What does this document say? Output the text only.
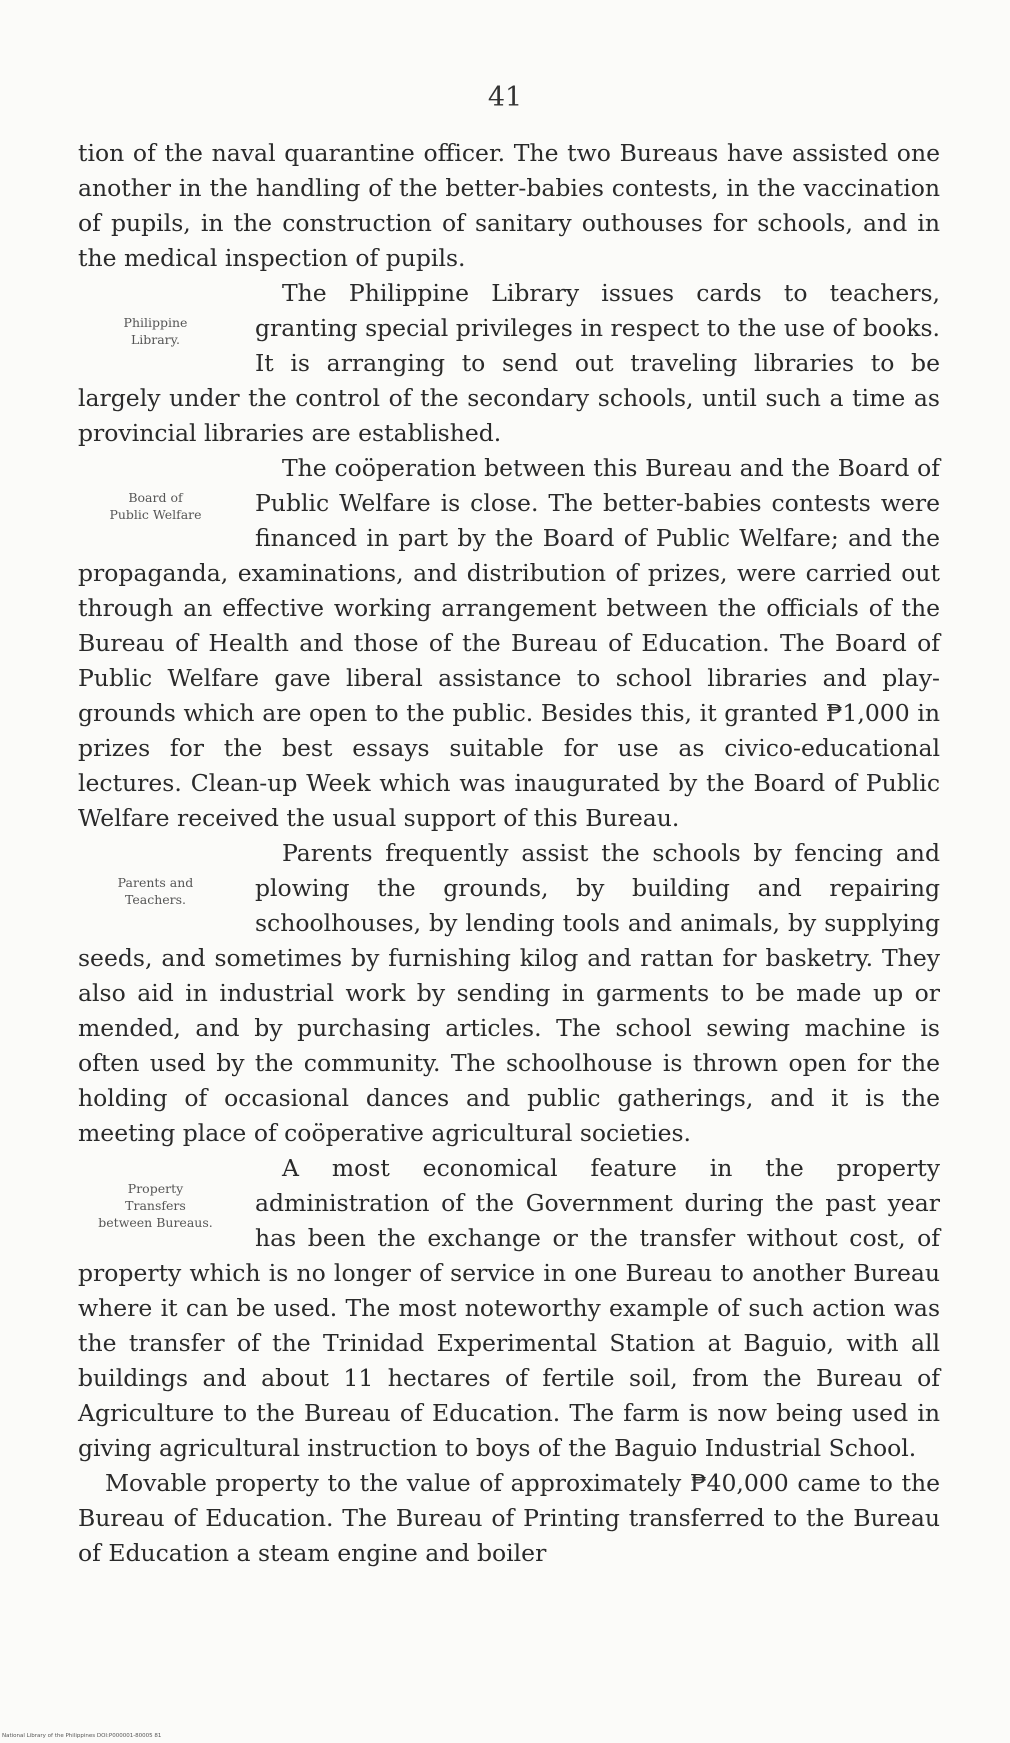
41

tion of the naval quarantine officer. The two Bureaus have assisted one another in the handling of the better-babies contests, in the vaccination of pupils, in the construction of sanitary outhouses for schools, and in the medical inspection of pupils.

Philippine
Library.
The Philippine Library issues cards to teachers, granting special privileges in respect to the use of books. It is arranging to send out traveling libraries to be largely under the control of the secondary schools, until such a time as provincial libraries are established.

Board of
Public Welfare
The coöperation between this Bureau and the Board of Public Welfare is close. The better-babies contests were financed in part by the Board of Public Welfare; and the propaganda, examinations, and distribution of prizes, were carried out through an effective working arrangement between the officials of the Bureau of Health and those of the Bureau of Education. The Board of Public Welfare gave liberal assistance to school libraries and playgrounds which are open to the public. Besides this, it granted ₱1,000 in prizes for the best essays suitable for use as civico-educational lectures. Clean-up Week which was inaugurated by the Board of Public Welfare received the usual support of this Bureau.

Parents and
Teachers.
Parents frequently assist the schools by fencing and plowing the grounds, by building and repairing schoolhouses, by lending tools and animals, by supplying seeds, and sometimes by furnishing kilog and rattan for basketry. They also aid in industrial work by sending in garments to be made up or mended, and by purchasing articles. The school sewing machine is often used by the community. The schoolhouse is thrown open for the holding of occasional dances and public gatherings, and it is the meeting place of coöperative agricultural societies.

Property
Transfers
between Bureaus.
A most economical feature in the property administration of the Government during the past year has been the exchange or the transfer without cost, of property which is no longer of service in one Bureau to another Bureau where it can be used. The most noteworthy example of such action was the transfer of the Trinidad Experimental Station at Baguio, with all buildings and about 11 hectares of fertile soil, from the Bureau of Agriculture to the Bureau of Education. The farm is now being used in giving agricultural instruction to boys of the Baguio Industrial School.

Movable property to the value of approximately ₱40,000 came to the Bureau of Education. The Bureau of Printing transferred to the Bureau of Education a steam engine and boiler

National Library of the Philippines DOI:P000001-80005 81
